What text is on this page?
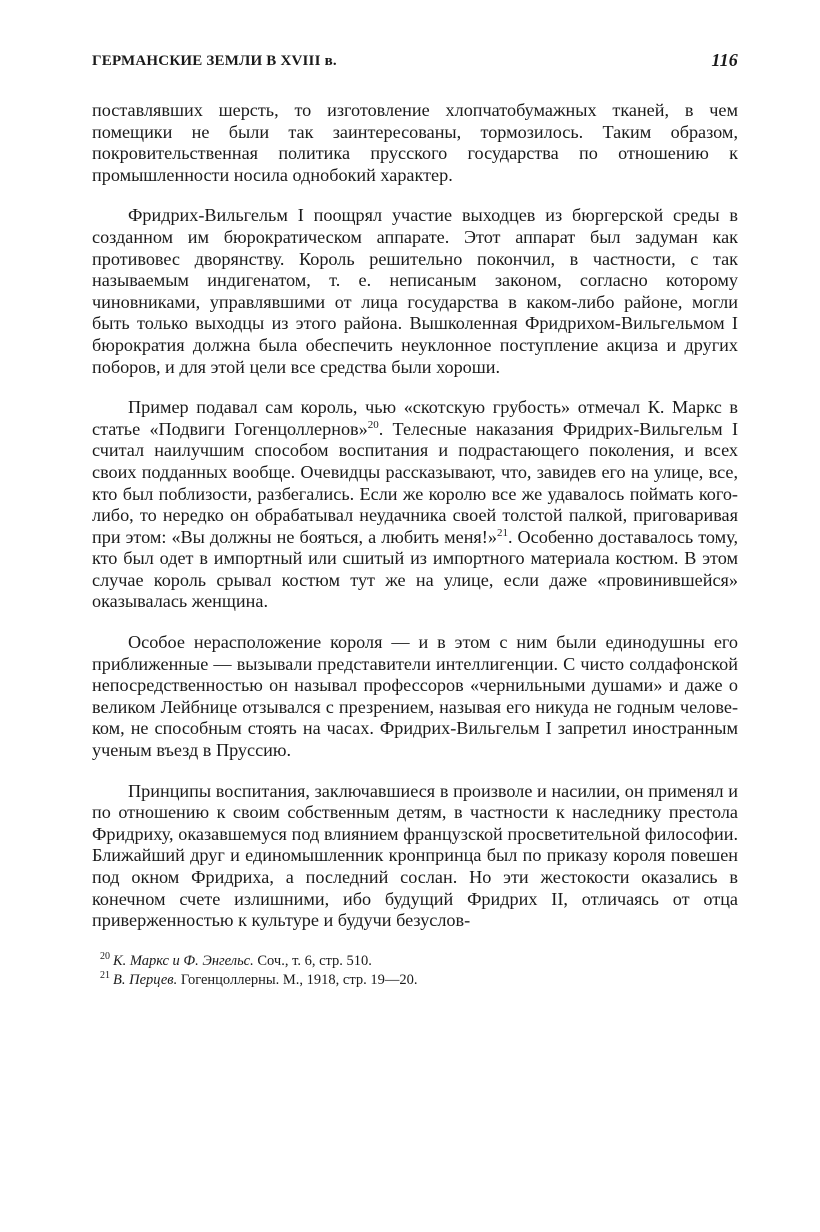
ГЕРМАНСКИЕ ЗЕМЛИ В XVIII в.	116

поставлявших шерсть, то изготовление хлопчатобумажных тканей, в чем помещики не были так заинтересованы, тормозилось. Таким образом, покровительственная политика прусского государства по отношению к промышленности носила однобокий характер.

Фридрих-Вильгельм I поощрял участие выходцев из бюргерской среды в созданном им бюрократическом аппарате. Этот аппарат был задуман как противовес дворянству. Король решительно покончил, в частности, с так называемым индигенатом, т. е. неписаным законом, согласно которому чиновниками, управлявшими от лица государства в каком-либо районе, могли быть только выходцы из этого района. Вышколенная Фридрихом-Вильгельмом I бюрократия должна была обеспечить неуклонное поступление акциза и других поборов, и для этой цели все средства были хороши.

Пример подавал сам король, чью «скотскую грубость» отмечал К. Маркс в статье «Подвиги Гогенцоллернов»$^{20}$. Телесные наказания Фридрих-Вильгельм I считал наилучшим способом воспитания и подрастающего поколения, и всех своих подданных вообще. Очевидцы рассказывают, что, завидев его на улице, все, кто был поблизости, разбегались. Если же королю все же удавалось поймать кого-либо, то нередко он обрабатывал неудачника своей толстой палкой, приговаривая при этом: «Вы должны не бояться, а любить меня!»$^{21}$. Особенно доставалось тому, кто был одет в импортный или сшитый из импортного материала костюм. В этом случае король срывал костюм тут же на улице, если даже «провинившейся» оказывалась женщина.

Особое нерасположение короля — и в этом с ним были единодушны его приближенные — вызывали представители интеллигенции. С чисто солдафонской непосредственностью он называл профессоров «чернильными душами» и даже о великом Лейбнице отзывался с презрением, называя его никуда не годным человеком, не способным стоять на часах. Фридрих-Вильгельм I запретил иностранным ученым въезд в Пруссию.

Принципы воспитания, заключавшиеся в произволе и насилии, он применял и по отношению к своим собственным детям, в частности к наследнику престола Фридриху, оказавшемуся под влиянием французской просветительной философии. Ближайший друг и единомышленник кронпринца был по приказу короля повешен под окном Фридриха, а последний сослан. Но эти жестокости оказались в конечном счете излишними, ибо будущий Фридрих II, отличаясь от отца приверженностью к культуре и будучи безуслов-

$^{20}$ К. Маркс и Ф. Энгельс. Соч., т. 6, стр. 510.
$^{21}$ В. Перцев. Гогенцоллерны. М., 1918, стр. 19—20.
